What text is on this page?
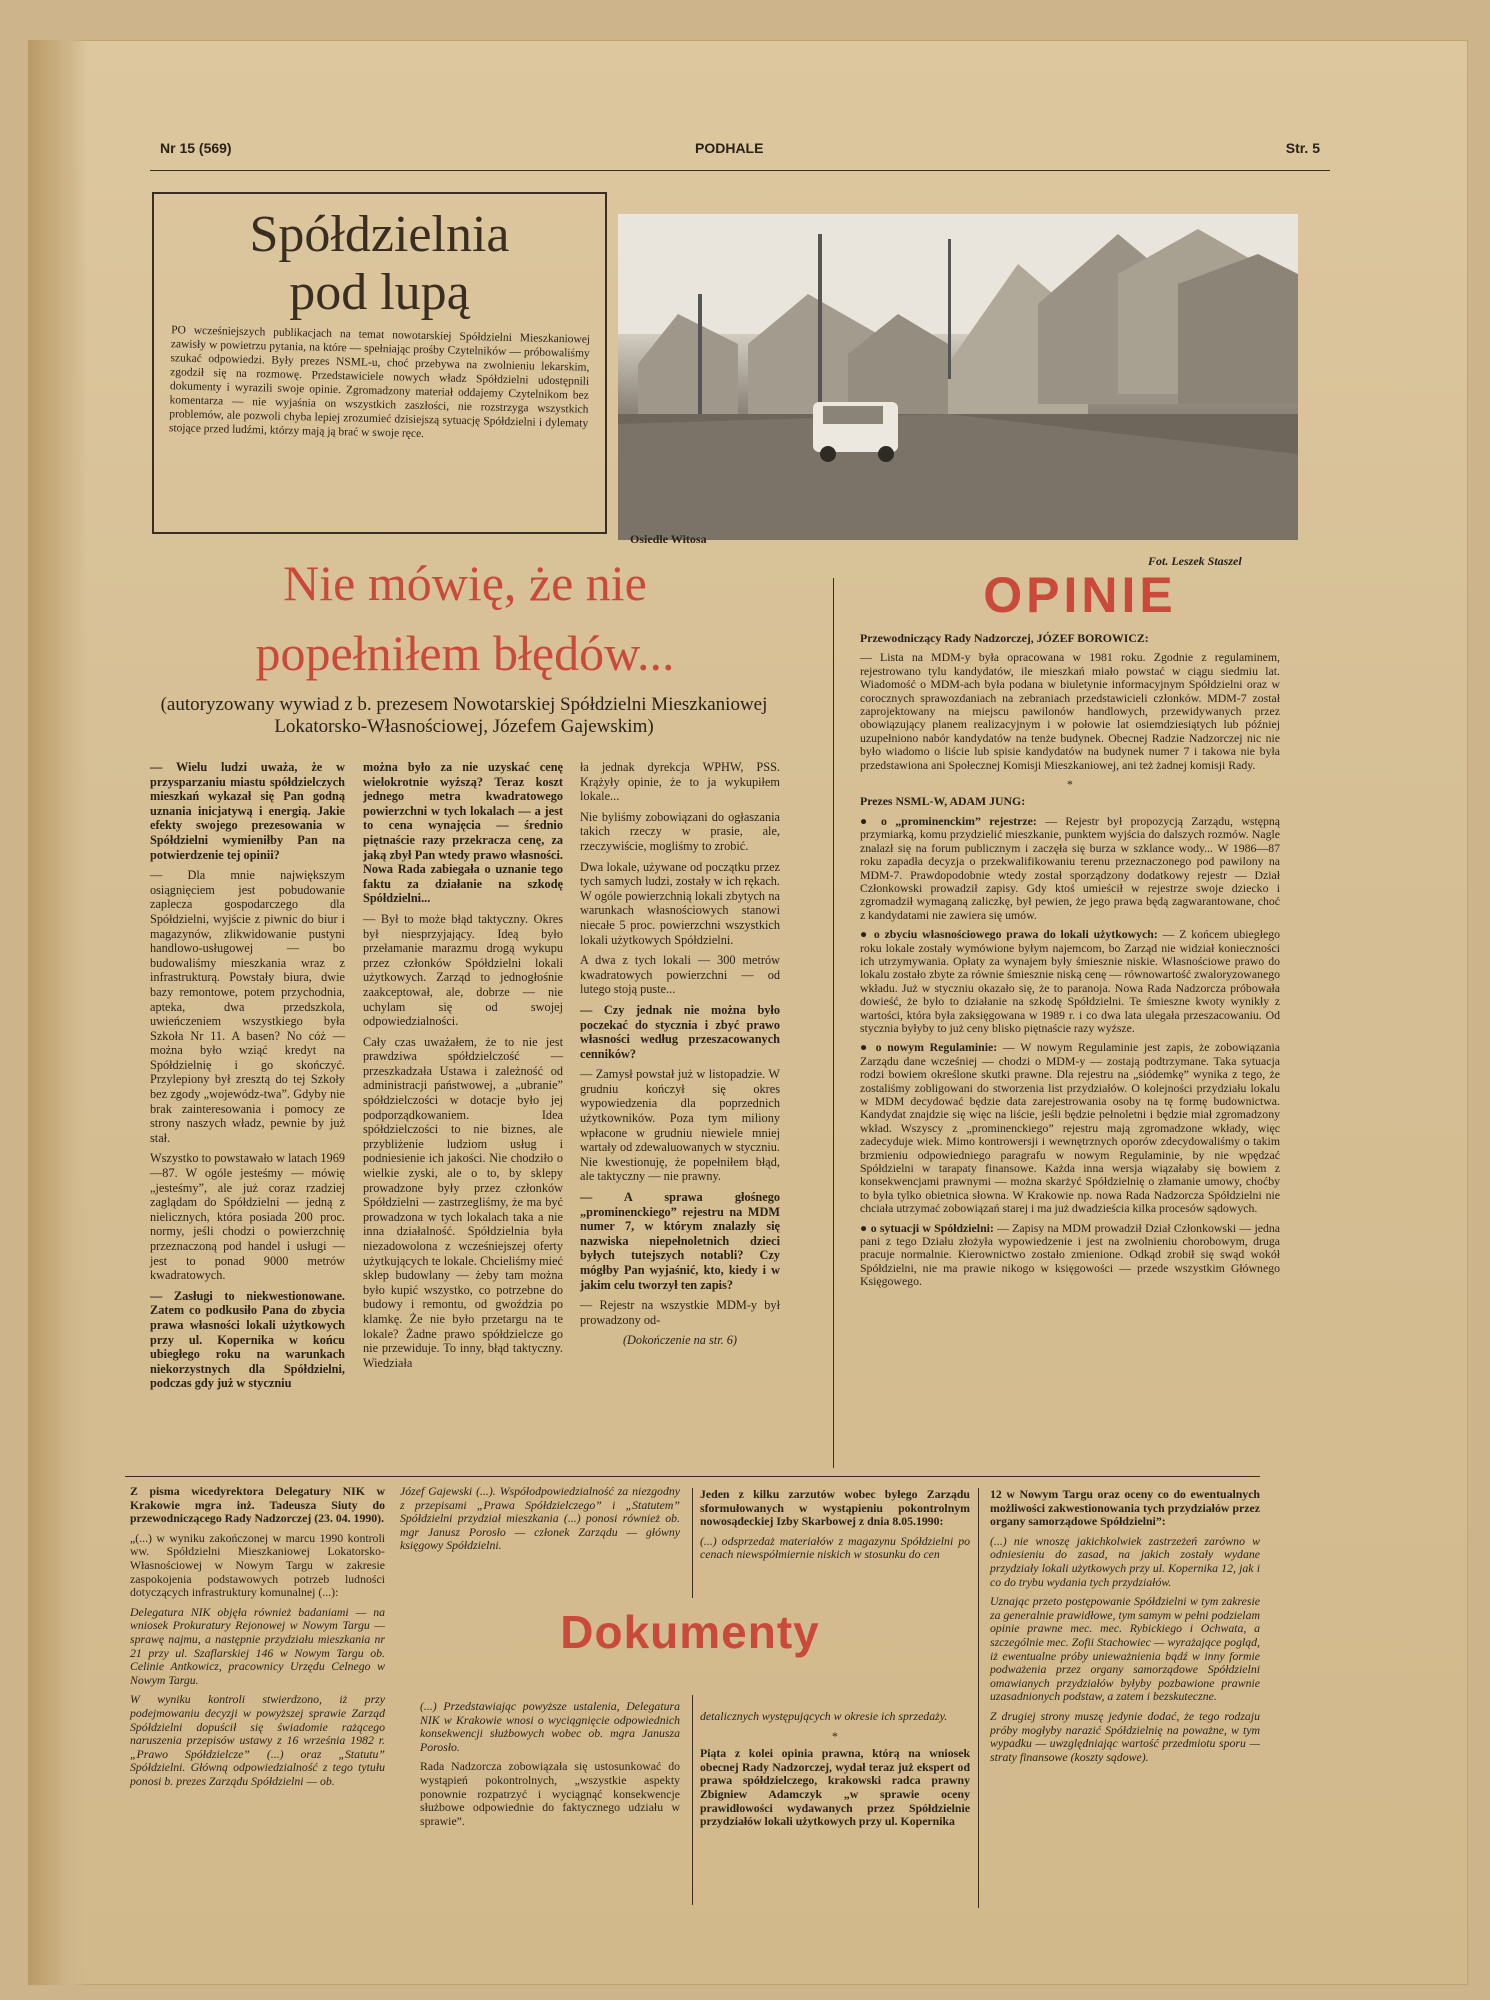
Nr 15 (569)	PODHALE	Str. 5
Spółdzielnia
pod lupą
PO wcześniejszych publikacjach na temat nowotarskiej Spółdzielni Mieszkaniowej zawisły w powietrzu pytania, na które — spełniając prośby Czytelników — próbowaliśmy szukać odpowiedzi. Były prezes NSML-u, choć przebywa na zwolnieniu lekarskim, zgodził się na rozmowę. Przedstawiciele nowych władz Spółdzielni udostępnili dokumenty i wyrazili swoje opinie. Zgromadzony materiał oddajemy Czytelnikom bez komentarza — nie wyjaśnia on wszystkich zaszłości, nie rozstrzyga wszystkich problemów, ale pozwoli chyba lepiej zrozumieć dzisiejszą sytuację Spółdzielni i dylematy stojące przed ludźmi, którzy mają ją brać w swoje ręce.
Osiedle Witosa
Fot. Leszek Staszel
Nie mówię, że nie
popełniłem błędów...
(autoryzowany wywiad z b. prezesem Nowotarskiej Spółdzielni Mieszkaniowej Lokatorsko-Własnościowej, Józefem Gajewskim)

— Wielu ludzi uważa, że w przysparzaniu miastu spółdzielczych mieszkań wykazał się Pan godną uznania inicjatywą i energią. Jakie efekty swojego prezesowania w Spółdzielni wymieniłby Pan na potwierdzenie tej opinii?

— Dla mnie największym osiągnięciem jest pobudowanie zaplecza gospodarczego dla Spółdzielni, wyjście z piwnic do biur i magazynów, zlikwidowanie pustyni handlowo-usługowej — bo budowaliśmy mieszkania wraz z infrastrukturą. Powstały biura, dwie bazy remontowe, potem przychodnia, apteka, dwa przedszkola, uwieńczeniem wszystkiego była Szkoła Nr 11. A basen? No cóż — można było wziąć kredyt na Spółdzielnię i go skończyć. Przylepiony był zresztą do tej Szkoły bez zgody „wojewódz-twa”. Gdyby nie brak zainteresowania i pomocy ze strony naszych władz, pewnie by już stał.

Wszystko to powstawało w latach 1969—87. W ogóle jesteśmy — mówię „jesteśmy”, ale już coraz rzadziej zaglądam do Spółdzielni — jedną z nielicznych, która posiada 200 proc. normy, jeśli chodzi o powierzchnię przeznaczoną pod handel i usługi — jest to ponad 9000 metrów kwadratowych.

— Zasługi to niekwestionowane. Zatem co podkusiło Pana do zbycia prawa własności lokali użytkowych przy ul. Kopernika w końcu ubiegłego roku na warunkach niekorzystnych dla Spółdzielni, podczas gdy już w styczniu

można było za nie uzyskać cenę wielokrotnie wyższą? Teraz koszt jednego metra kwadratowego powierzchni w tych lokalach — a jest to cena wynajęcia — średnio piętnaście razy przekracza cenę, za jaką zbył Pan wtedy prawo własności. Nowa Rada zabiegała o uznanie tego faktu za działanie na szkodę Spółdzielni...

— Był to może błąd taktyczny. Okres był niesprzyjający. Ideą było przełamanie marazmu drogą wykupu przez członków Spółdzielni lokali użytkowych. Zarząd to jednogłośnie zaakceptował, ale, dobrze — nie uchylam się od swojej odpowiedzialności.

Cały czas uważałem, że to nie jest prawdziwa spółdzielczość — przeszkadzała Ustawa i zależność od administracji państwowej, a „ubranie” spółdzielczości w dotacje było jej podporządkowaniem. Idea spółdzielczości to nie biznes, ale przybliżenie ludziom usług i podniesienie ich jakości. Nie chodziło o wielkie zyski, ale o to, by sklepy prowadzone były przez członków Spółdzielni — zastrzegliśmy, że ma być prowadzona w tych lokalach taka a nie inna działalność. Spółdzielnia była niezadowolona z wcześniejszej oferty użytkujących te lokale. Chcieliśmy mieć sklep budowlany — żeby tam można było kupić wszystko, co potrzebne do budowy i remontu, od gwoździa po klamkę. Że nie było przetargu na te lokale? Żadne prawo spółdzielcze go nie przewiduje. To inny, błąd taktyczny. Wiedziała

ła jednak dyrekcja WPHW, PSS. Krążyły opinie, że to ja wykupiłem lokale...

Nie byliśmy zobowiązani do ogłaszania takich rzeczy w prasie, ale, rzeczywiście, mogliśmy to zrobić.

Dwa lokale, używane od początku przez tych samych ludzi, zostały w ich rękach. W ogóle powierzchnią lokali zbytych na warunkach własnościowych stanowi niecałe 5 proc. powierzchni wszystkich lokali użytkowych Spółdzielni.

A dwa z tych lokali — 300 metrów kwadratowych powierzchni — od lutego stoją puste...

— Czy jednak nie można było poczekać do stycznia i zbyć prawo własności według przeszacowanych cenników?

— Zamysł powstał już w listopadzie. W grudniu kończył się okres wypowiedzenia dla poprzednich użytkowników. Poza tym miliony wpłacone w grudniu niewiele mniej wartały od zdewaluowanych w styczniu. Nie kwestionuję, że popełniłem błąd, ale taktyczny — nie prawny.

— A sprawa głośnego „prominenckiego” rejestru na MDM numer 7, w którym znalazły się nazwiska niepełnoletnich dzieci byłych tutejszych notabli? Czy mógłby Pan wyjaśnić, kto, kiedy i w jakim celu tworzył ten zapis?

— Rejestr na wszystkie MDM-y był prowadzony od-

(Dokończenie na str. 6)

OPINIE

Przewodniczący Rady Nadzorczej, JÓZEF BOROWICZ:

— Lista na MDM-y była opracowana w 1981 roku. Zgodnie z regulaminem, rejestrowano tylu kandydatów, ile mieszkań miało powstać w ciągu siedmiu lat. Wiadomość o MDM-ach była podana w biuletynie informacyjnym Spółdzielni oraz w corocznych sprawozdaniach na zebraniach przedstawicieli członków. MDM-7 został zaprojektowany na miejscu pawilonów handlowych, przewidywanych przez obowiązujący planem realizacyjnym i w połowie lat osiemdziesiątych lub później uzupełniono nabór kandydatów na tenże budynek. Obecnej Radzie Nadzorczej nic nie było wiadomo o liście lub spisie kandydatów na budynek numer 7 i takowa nie była przedstawiona ani Społecznej Komisji Mieszkaniowej, ani też żadnej komisji Rady.

*

Prezes NSML-W, ADAM JUNG:

● o „prominenckim” rejestrze: — Rejestr był propozycją Zarządu, wstępną przymiarką, komu przydzielić mieszkanie, punktem wyjścia do dalszych rozmów. Nagle znalazł się na forum publicznym i zaczęła się burza w szklance wody... W 1986—87 roku zapadła decyzja o przekwalifikowaniu terenu przeznaczonego pod pawilony na MDM-7. Prawdopodobnie wtedy został sporządzony dodatkowy rejestr — Dział Członkowski prowadził zapisy. Gdy ktoś umieścił w rejestrze swoje dziecko i zgromadził wymaganą zaliczkę, był pewien, że jego prawa będą zagwarantowane, choć z kandydatami nie zawiera się umów.

● o zbyciu własnościowego prawa do lokali użytkowych: — Z końcem ubiegłego roku lokale zostały wymówione byłym najemcom, bo Zarząd nie widział konieczności ich utrzymywania. Opłaty za wynajem były śmiesznie niskie. Własnościowe prawo do lokalu zostało zbyte za równie śmiesznie niską cenę — równowartość zwaloryzowanego wkładu. Już w styczniu okazało się, że to paranoja. Nowa Rada Nadzorcza próbowała dowieść, że było to działanie na szkodę Spółdzielni. Te śmieszne kwoty wynikły z wartości, która była zaksięgowana w 1989 r. i co dwa lata ulegała przeszacowaniu. Od stycznia byłyby to już ceny blisko piętnaście razy wyższe.

● o nowym Regulaminie: — W nowym Regulaminie jest zapis, że zobowiązania Zarządu dane wcześniej — chodzi o MDM-y — zostają podtrzymane. Taka sytuacja rodzi bowiem określone skutki prawne. Dla rejestru na „siódemkę” wynika z tego, że zostaliśmy zobligowani do stworzenia list przydziałów. O kolejności przydziału lokalu w MDM decydować będzie data zarejestrowania osoby na tę formę budownictwa. Kandydat znajdzie się więc na liście, jeśli będzie pełnoletni i będzie miał zgromadzony wkład. Wszyscy z „prominenckiego” rejestru mają zgromadzone wkłady, więc zadecyduje wiek. Mimo kontrowersji i wewnętrznych oporów zdecydowaliśmy o takim brzmieniu odpowiedniego paragrafu w nowym Regulaminie, by nie wpędzać Spółdzielni w tarapaty finansowe. Każda inna wersja wiązałaby się bowiem z konsekwencjami prawnymi — można skarżyć Spółdzielnię o złamanie umowy, choćby to była tylko obietnica słowna. W Krakowie np. nowa Rada Nadzorcza Spółdzielni nie chciała utrzymać zobowiązań starej i ma już dwadzieścia kilka procesów sądowych.

● o sytuacji w Spółdzielni: — Zapisy na MDM prowadził Dział Członkowski — jedna pani z tego Działu złożyła wypowiedzenie i jest na zwolnieniu chorobowym, druga pracuje normalnie. Kierownictwo zostało zmienione. Odkąd zrobił się swąd wokół Spółdzielni, nie ma prawie nikogo w księgowości — przede wszystkim Głównego Księgowego.

Dokumenty

Z pisma wicedyrektora Delegatury NIK w Krakowie mgra inż. Tadeusza Siuty do przewodniczącego Rady Nadzorczej (23. 04. 1990).

„(...) w wyniku zakończonej w marcu 1990 kontroli ww. Spółdzielni Mieszkaniowej Lokatorsko-Własnościowej w Nowym Targu w zakresie zaspokojenia podstawowych potrzeb ludności dotyczących infrastruktury komunalnej (...):

Delegatura NIK objęła również badaniami — na wniosek Prokuratury Rejonowej w Nowym Targu — sprawę najmu, a następnie przydziału mieszkania nr 21 przy ul. Szaflarskiej 146 w Nowym Targu ob. Celinie Antkowicz, pracownicy Urzędu Celnego w Nowym Targu.

W wyniku kontroli stwierdzono, iż przy podejmowaniu decyzji w powyższej sprawie Zarząd Spółdzielni dopuścił się świadomie rażącego naruszenia przepisów ustawy z 16 września 1982 r. „Prawo Spółdzielcze” (...) oraz „Statutu” Spółdzielni. Główną odpowiedzialność z tego tytułu ponosi b. prezes Zarządu Spółdzielni — ob.

Józef Gajewski (...). Współodpowiedzialność za niezgodny z przepisami „Prawa Spółdzielczego” i „Statutem” Spółdzielni przydział mieszkania (...) ponosi również ob. mgr Janusz Porosło — członek Zarządu — główny księgowy Spółdzielni.

(...) Przedstawiając powyższe ustalenia, Delegatura NIK w Krakowie wnosi o wyciągnięcie odpowiednich konsekwencji służbowych wobec ob. mgra Janusza Porosło.

Rada Nadzorcza zobowiązała się ustosunkować do wystąpień pokontrolnych, „wszystkie aspekty ponownie rozpatrzyć i wyciągnąć konsekwencje służbowe odpowiednie do faktycznego udziału w sprawie”.

Jeden z kilku zarzutów wobec byłego Zarządu sformułowanych w wystąpieniu pokontrolnym nowosądeckiej Izby Skarbowej z dnia 8.05.1990:

(...) odsprzedaż materiałów z magazynu Spółdzielni po cenach niewspółmiernie niskich w stosunku do cen

detalicznych występujących w okresie ich sprzedaży.

*

Piąta z kolei opinia prawna, którą na wniosek obecnej Rady Nadzorczej, wydał teraz już ekspert od prawa spółdzielczego, krakowski radca prawny Zbigniew Adamczyk „w sprawie oceny prawidłowości wydawanych przez Spółdzielnie przydziałów lokali użytkowych przy ul. Kopernika

12 w Nowym Targu oraz oceny co do ewentualnych możliwości zakwestionowania tych przydziałów przez organy samorządowe Spółdzielni”:

(...) nie wnoszę jakichkolwiek zastrzeżeń zarówno w odniesieniu do zasad, na jakich zostały wydane przydziały lokali użytkowych przy ul. Kopernika 12, jak i co do trybu wydania tych przydziałów.

Uznając przeto postępowanie Spółdzielni w tym zakresie za generalnie prawidłowe, tym samym w pełni podzielam opinie prawne mec. mec. Rybickiego i Ochwata, a szczególnie mec. Zofii Stachowiec — wyrażające pogląd, iż ewentualne próby unieważnienia bądź w inny formie podważenia przez organy samorządowe Spółdzielni omawianych przydziałów byłyby pozbawione prawnie uzasadnionych podstaw, a zatem i bezskuteczne.

Z drugiej strony muszę jedynie dodać, że tego rodzaju próby mogłyby narazić Spółdzielnię na poważne, w tym wypadku — uwzględniając wartość przedmiotu sporu — straty finansowe (koszty sądowe).
